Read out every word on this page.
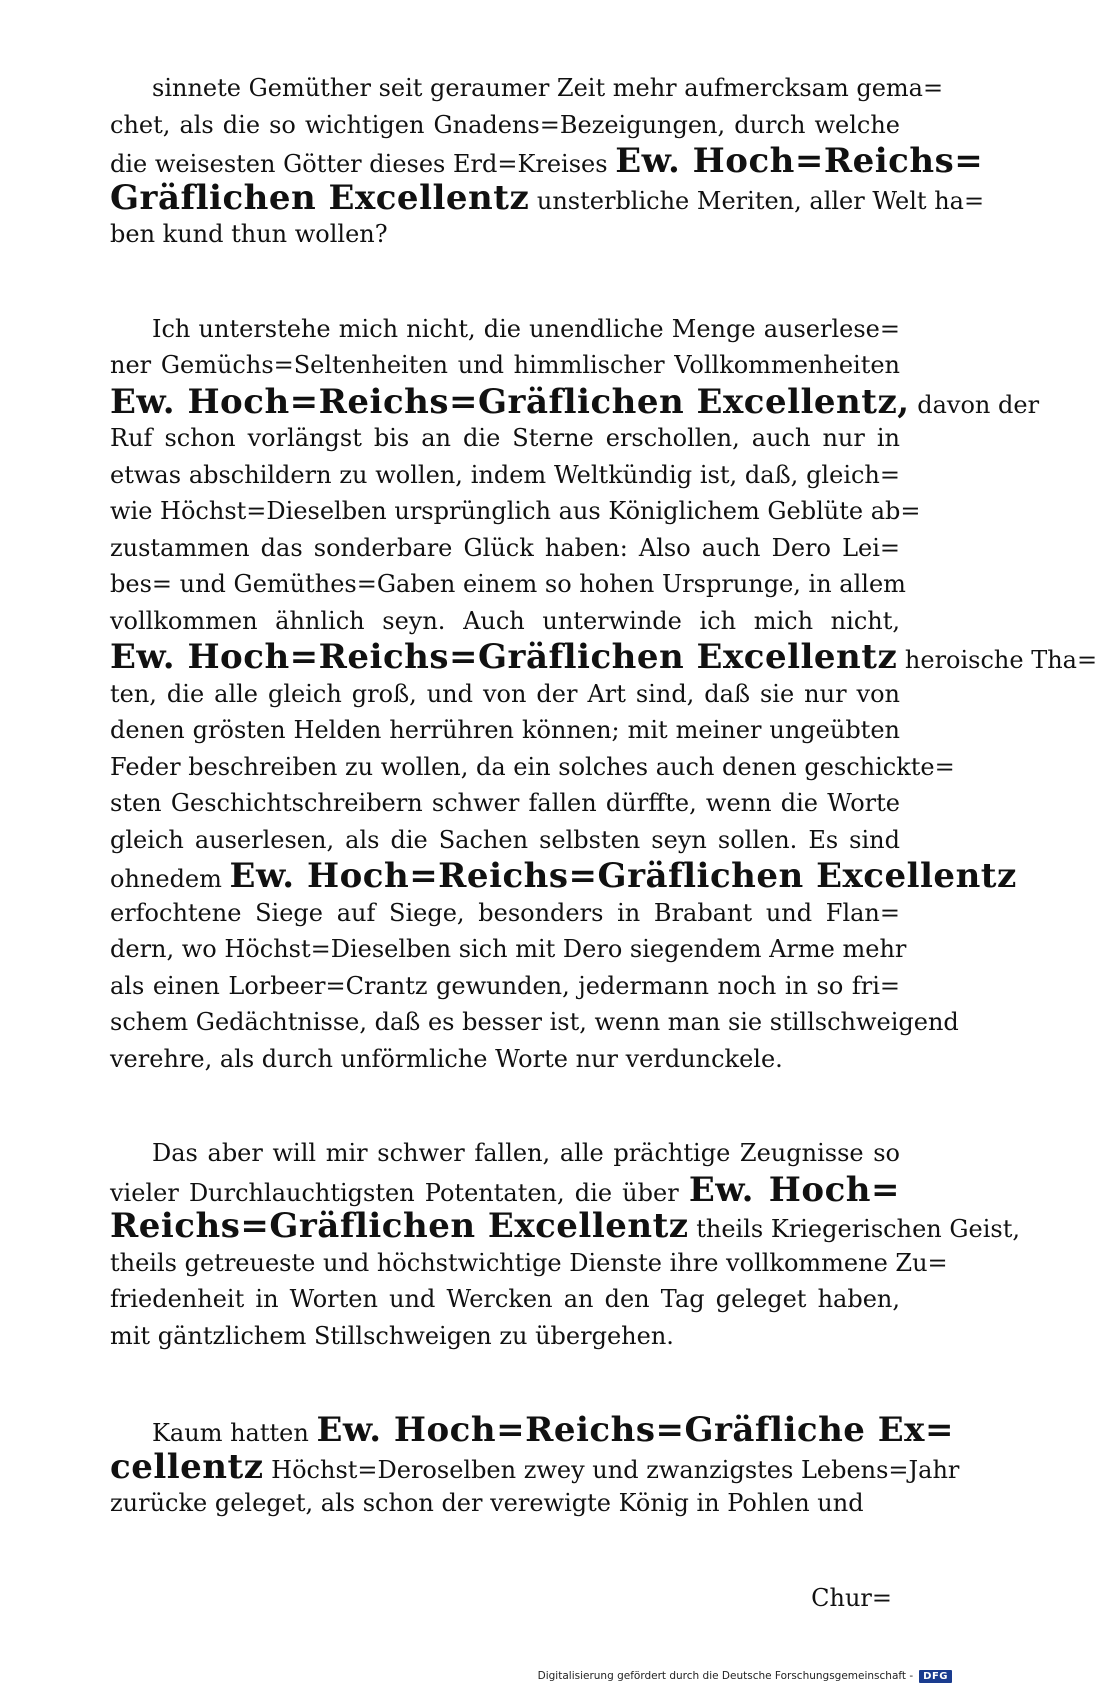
sinnete Gemüther seit geraumer Zeit mehr aufmercksam gema=
chet, als die so wichtigen Gnadens=Bezeigungen, durch welche
die weisesten Götter dieses Erd=Kreises Ew. Hoch=Reichs=
Gräflichen Excellentz unsterbliche Meriten, aller Welt ha=
ben kund thun wollen?
Ich unterstehe mich nicht, die unendliche Menge auserlese=
ner Gemüchs=Seltenheiten und himmlischer Vollkommenheiten
Ew. Hoch=Reichs=Gräflichen Excellentz, davon der
Ruf schon vorlängst bis an die Sterne erschollen, auch nur in
etwas abschildern zu wollen, indem Weltkündig ist, daß, gleich=
wie Höchst=Dieselben ursprünglich aus Königlichem Geblüte ab=
zustammen das sonderbare Glück haben: Also auch Dero Lei=
bes= und Gemüthes=Gaben einem so hohen Ursprunge, in allem
vollkommen ähnlich seyn. Auch unterwinde ich mich nicht,
Ew. Hoch=Reichs=Gräflichen Excellentz heroische Tha=
ten, die alle gleich groß, und von der Art sind, daß sie nur von
denen grösten Helden herrühren können; mit meiner ungeübten
Feder beschreiben zu wollen, da ein solches auch denen geschickte=
sten Geschichtschreibern schwer fallen dürffte, wenn die Worte
gleich auserlesen, als die Sachen selbsten seyn sollen. Es sind
ohnedem Ew. Hoch=Reichs=Gräflichen Excellentz
erfochtene Siege auf Siege, besonders in Brabant und Flan=
dern, wo Höchst=Dieselben sich mit Dero siegendem Arme mehr
als einen Lorbeer=Crantz gewunden, jedermann noch in so fri=
schem Gedächtnisse, daß es besser ist, wenn man sie stillschweigend
verehre, als durch unförmliche Worte nur verdunckele.
Das aber will mir schwer fallen, alle prächtige Zeugnisse so
vieler Durchlauchtigsten Potentaten, die über Ew. Hoch=
Reichs=Gräflichen Excellentz theils Kriegerischen Geist,
theils getreueste und höchstwichtige Dienste ihre vollkommene Zu=
friedenheit in Worten und Wercken an den Tag geleget haben,
mit gäntzlichem Stillschweigen zu übergehen.
Kaum hatten Ew. Hoch=Reichs=Gräfliche Ex=
cellentz Höchst=Deroselben zwey und zwanzigstes Lebens=Jahr
zurücke geleget, als schon der verewigte König in Pohlen und
Chur=
Digitalisierung gefördert durch die Deutsche Forschungsgemeinschaft -	DFG
